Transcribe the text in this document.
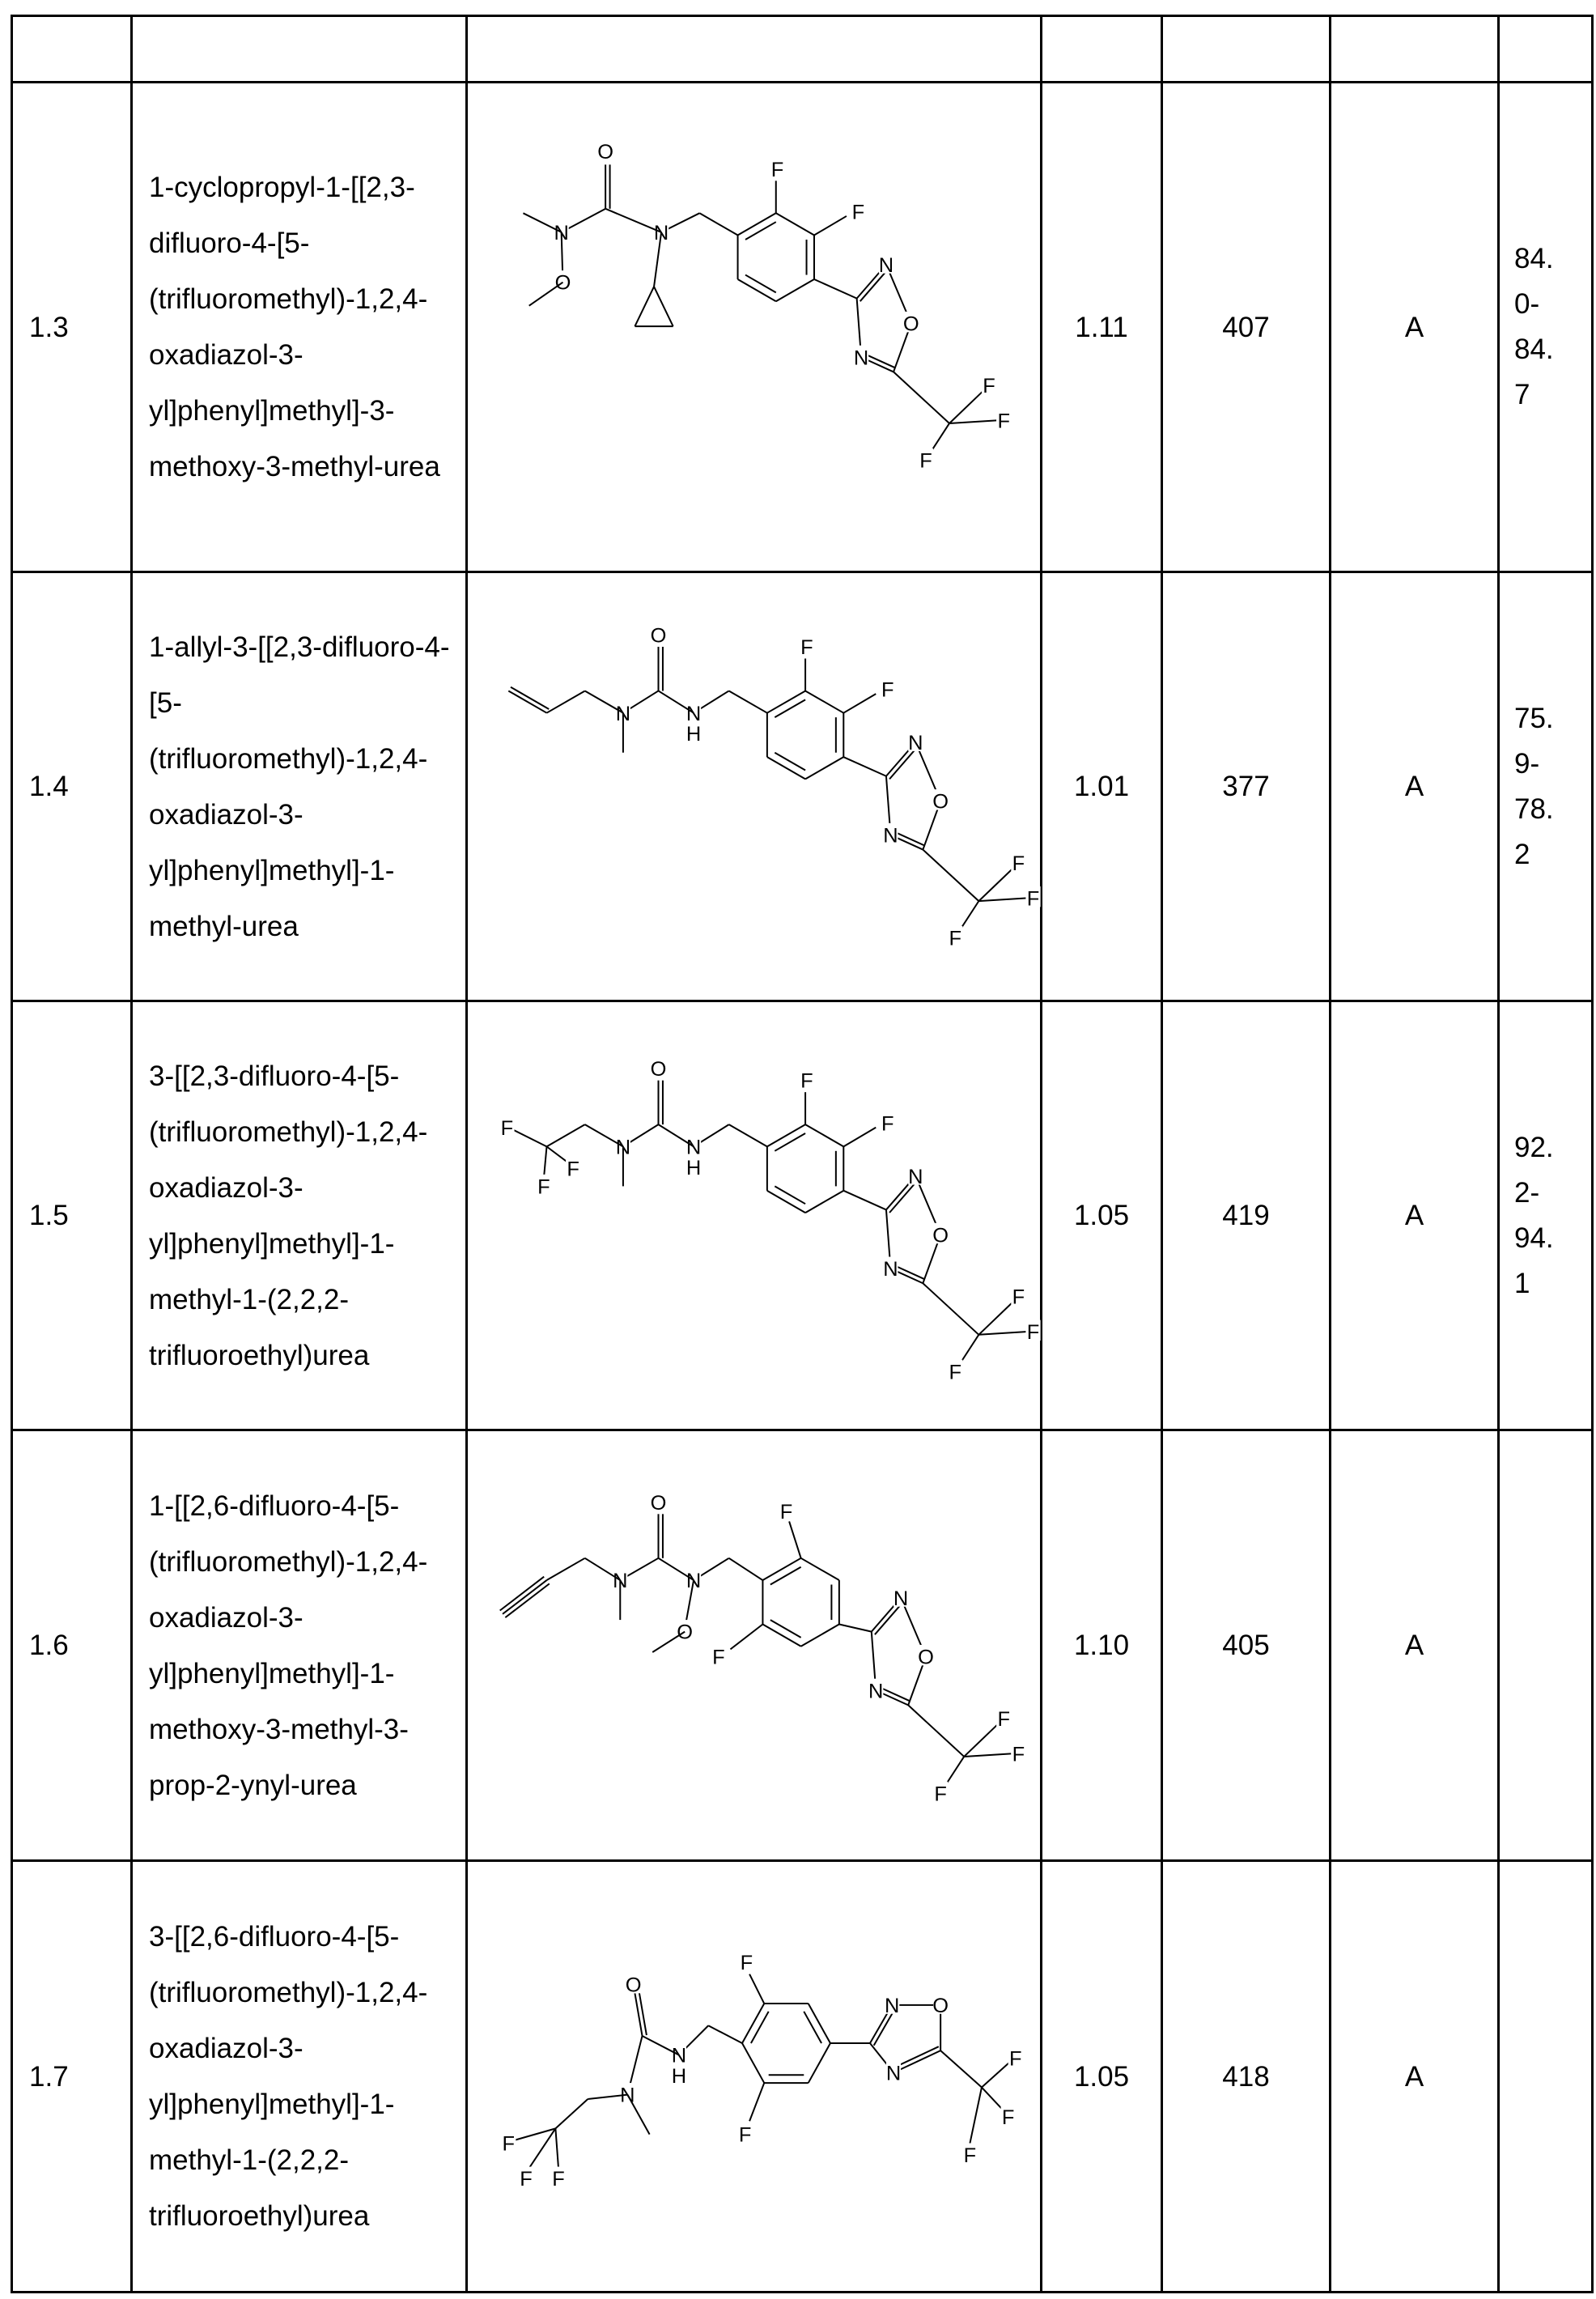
1.3	
1-cyclopropyl-1-[[2,3-difluoro-4-[5-(trifluoromethyl)-1,2,4-oxadiazol-3-yl]phenyl]methyl]-3-methoxy-3-methyl-urea
		1.11	407	A	
84.
0-
84.
7

1.4	
1-allyl-3-[[2,3-difluoro-4-[5-(trifluoromethyl)-1,2,4-oxadiazol-3-yl]phenyl]methyl]-1-methyl-urea
		1.01	377	A	
75.
9-
78.
2

1.5	
3-[[2,3-difluoro-4-[5-(trifluoromethyl)-1,2,4-oxadiazol-3-yl]phenyl]methyl]-1-methyl-1-(2,2,2-trifluoroethyl)urea
		1.05	419	A	
92.
2-
94.
1

1.6	
1-[[2,6-difluoro-4-[5-(trifluoromethyl)-1,2,4-oxadiazol-3-yl]phenyl]methyl]-1-methoxy-3-methyl-3-prop-2-ynyl-urea
		1.10	405	A	
1.7	
3-[[2,6-difluoro-4-[5-(trifluoromethyl)-1,2,4-oxadiazol-3-yl]phenyl]methyl]-1-methyl-1-(2,2,2-trifluoroethyl)urea
		1.05	418	A	
F
F
N
O
N
F
F
F
N
O
N
O
F
F
N
O
N
F
F
F
N
H
O
N
F
F
N
O
N
F
F
F
N
H
O
N
F
F
F
F
F
N
O
N
F
F
F
N
O
O
N
F
F
N	O
N
F
F
F
N
H
O
N
F
F F
